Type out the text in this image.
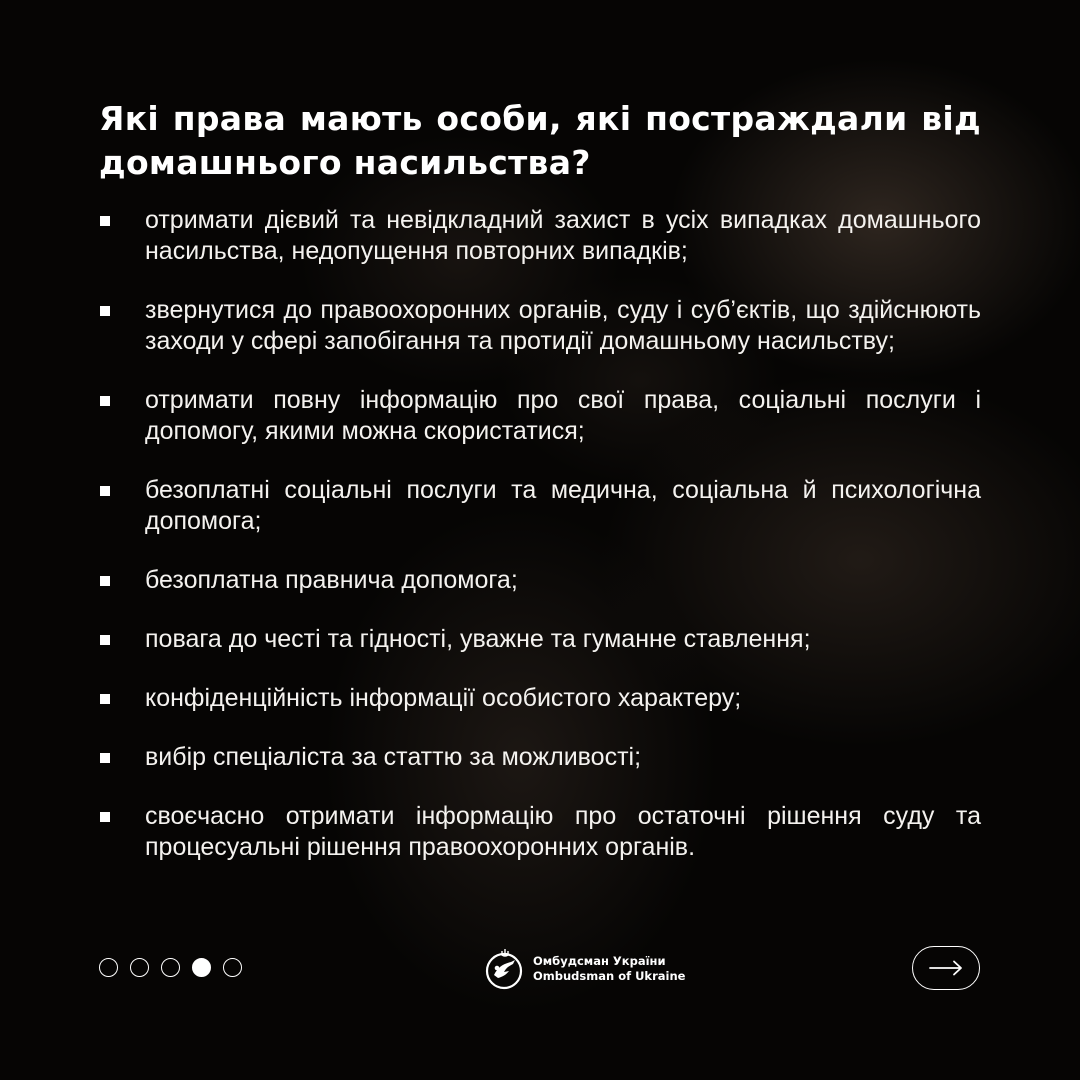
Які права мають особи, які постраждали від домашнього насильства?
отримати дієвий та невідкладний захист в усіх випадках домашнього насильства, недопущення повторних випадків;
звернутися до правоохоронних органів, суду і суб’єктів, що здійснюють заходи у сфері запобігання та протидії домашньому насильству;
отримати повну інформацію про свої права, соціальні послуги і допомогу, якими можна скористатися;
безоплатні соціальні послуги та медична, соціальна й психологічна допомога;
безоплатна правнича допомога;
повага до честі та гідності, уважне та гуманне ставлення;
конфіденційність інформації особистого характеру;
вибір спеціаліста за статтю за можливості;
своєчасно отримати інформацію про остаточні рішення суду та процесуальні рішення правоохоронних органів.
Омбудсман України
Ombudsman of Ukraine
